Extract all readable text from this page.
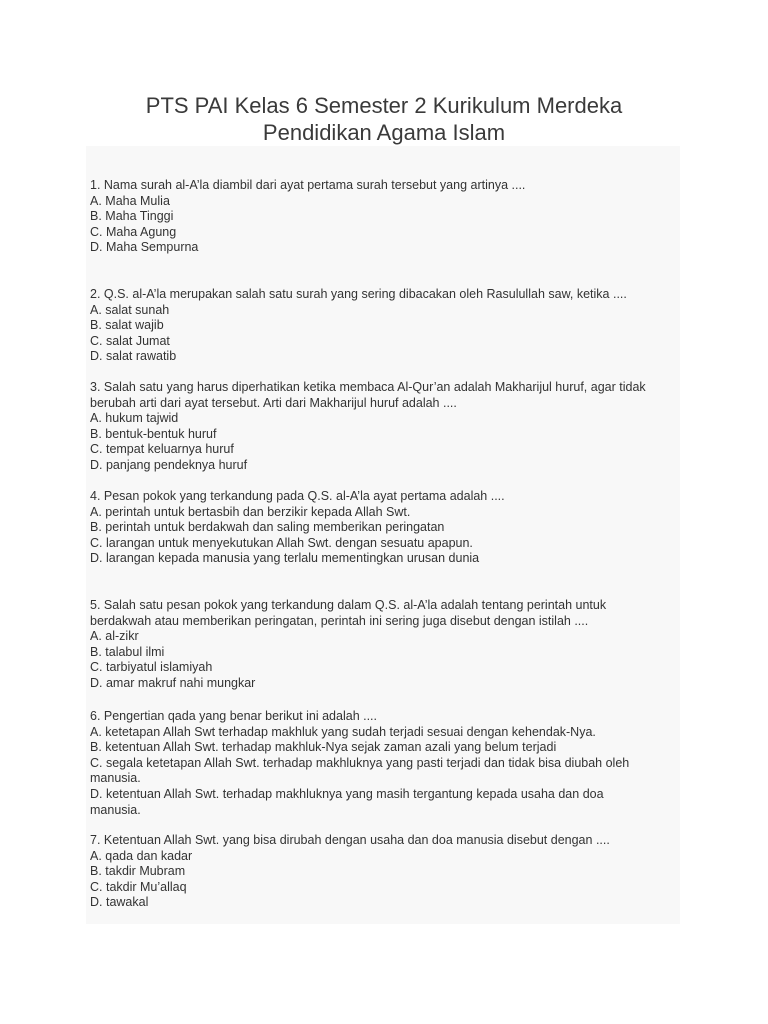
PTS PAI Kelas 6 Semester 2 Kurikulum Merdeka
Pendidikan Agama Islam
1. Nama surah al-A’la diambil dari ayat pertama surah tersebut yang artinya ....
A. Maha Mulia
B. Maha Tinggi
C. Maha Agung
D. Maha Sempurna
2. Q.S. al-A’la merupakan salah satu surah yang sering dibacakan oleh Rasulullah saw, ketika ....
A. salat sunah
B. salat wajib
C. salat Jumat
D. salat rawatib
3. Salah satu yang harus diperhatikan ketika membaca Al-Qur’an adalah Makharijul huruf, agar tidak
berubah arti dari ayat tersebut. Arti dari Makharijul huruf adalah ....
A. hukum tajwid
B. bentuk-bentuk huruf
C. tempat keluarnya huruf
D. panjang pendeknya huruf
4. Pesan pokok yang terkandung pada Q.S. al-A’la ayat pertama adalah ....
A. perintah untuk bertasbih dan berzikir kepada Allah Swt.
B. perintah untuk berdakwah dan saling memberikan peringatan
C. larangan untuk menyekutukan Allah Swt. dengan sesuatu apapun.
D. larangan kepada manusia yang terlalu mementingkan urusan dunia
5. Salah satu pesan pokok yang terkandung dalam Q.S. al-A’la adalah tentang perintah untuk
berdakwah atau memberikan peringatan, perintah ini sering juga disebut dengan istilah ....
A. al-zikr
B. talabul ilmi
C. tarbiyatul islamiyah
D. amar makruf nahi mungkar
6. Pengertian qada yang benar berikut ini adalah ....
A. ketetapan Allah Swt terhadap makhluk yang sudah terjadi sesuai dengan kehendak-Nya.
B. ketentuan Allah Swt. terhadap makhluk-Nya sejak zaman azali yang belum terjadi
C. segala ketetapan Allah Swt. terhadap makhluknya yang pasti terjadi dan tidak bisa diubah oleh
manusia.
D. ketentuan Allah Swt. terhadap makhluknya yang masih tergantung kepada usaha dan doa
manusia.
7. Ketentuan Allah Swt. yang bisa dirubah dengan usaha dan doa manusia disebut dengan ....
A. qada dan kadar
B. takdir Mubram
C. takdir Mu’allaq
D. tawakal
